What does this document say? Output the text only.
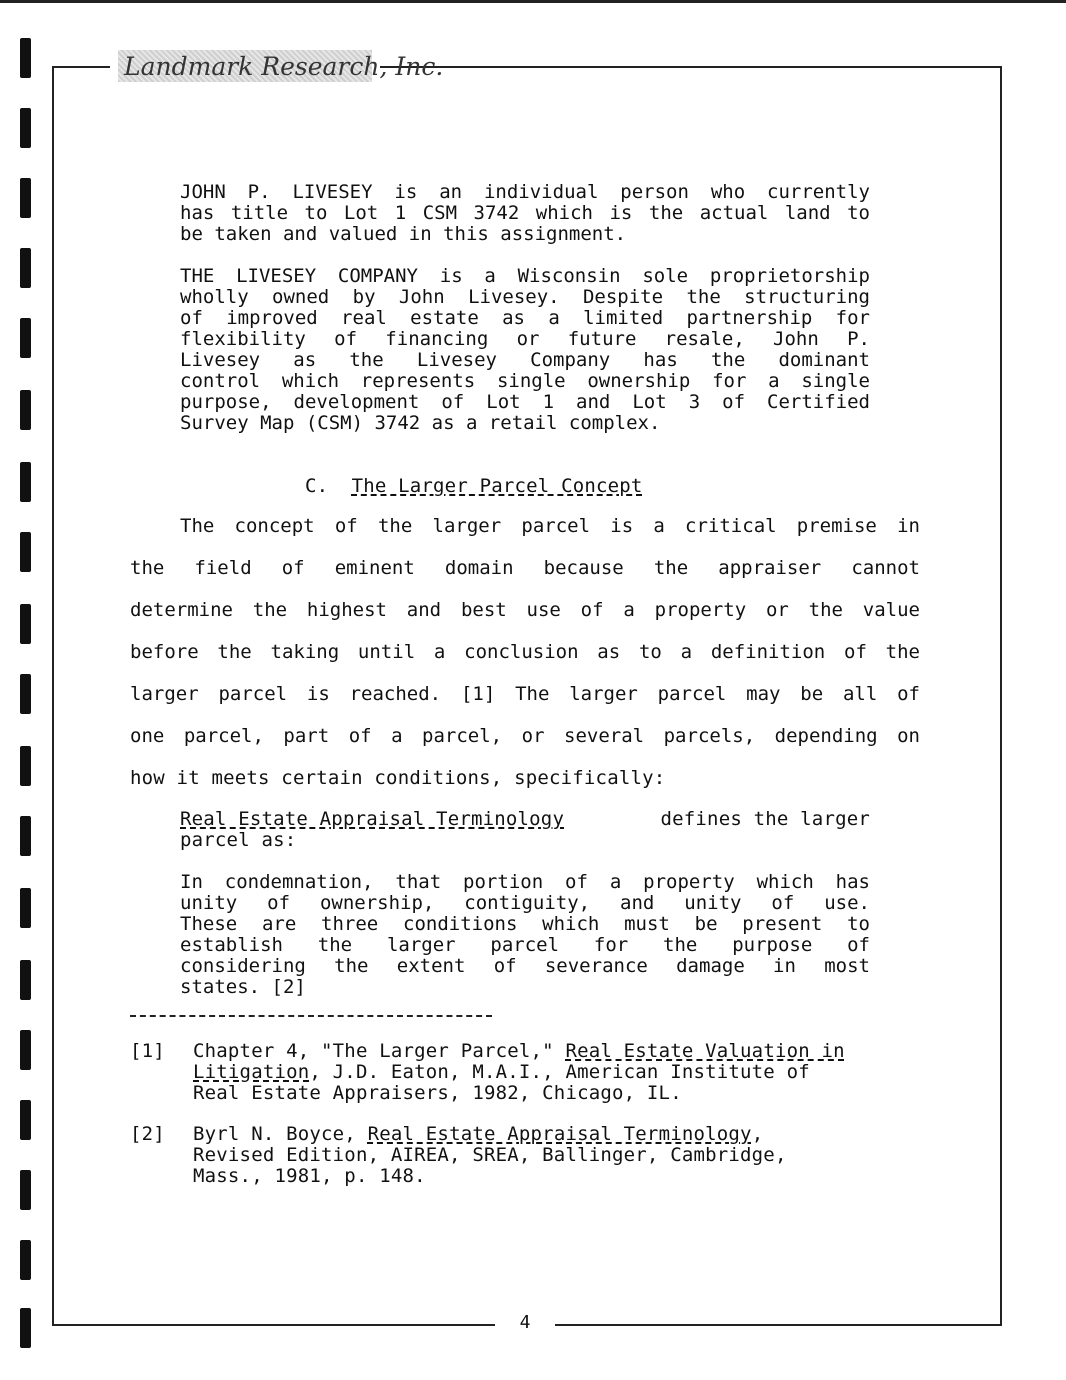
Landmark Research, Inc.
4
JOHN P. LIVESEY is an individual person who currently
has title to Lot 1 CSM 3742 which is the actual land to
be taken and valued in this assignment.
THE LIVESEY COMPANY is a Wisconsin sole proprietorship
wholly owned by John Livesey. Despite the structuring
of improved real estate as a limited partnership for
flexibility of financing or future resale, John P.
Livesey as the Livesey Company has the dominant
control which represents single ownership for a single
purpose, development of Lot 1 and Lot 3 of Certified
Survey Map (CSM) 3742 as a retail complex.
C. The Larger Parcel Concept
The concept of the larger parcel is a critical premise in
the field of eminent domain because the appraiser cannot
determine the highest and best use of a property or the value
before the taking until a conclusion as to a definition of the
larger parcel is reached. [1] The larger parcel may be all of
one parcel, part of a parcel, or several parcels, depending on
how it meets certain conditions, specifically:
Real Estate Appraisal Terminology	defines the larger
parcel as:
In condemnation, that portion of a property which has
unity of ownership, contiguity, and unity of use.
These are three conditions which must be present to
establish the larger parcel for the purpose of
considering the extent of severance damage in most
states. [2]
[1] Chapter 4, "The Larger Parcel," Real Estate Valuation in
Litigation, J.D. Eaton, M.A.I., American Institute of
Real Estate Appraisers, 1982, Chicago, IL.
[2] Byrl N. Boyce, Real Estate Appraisal Terminology,
Revised Edition, AIREA, SREA, Ballinger, Cambridge,
Mass., 1981, p. 148.
